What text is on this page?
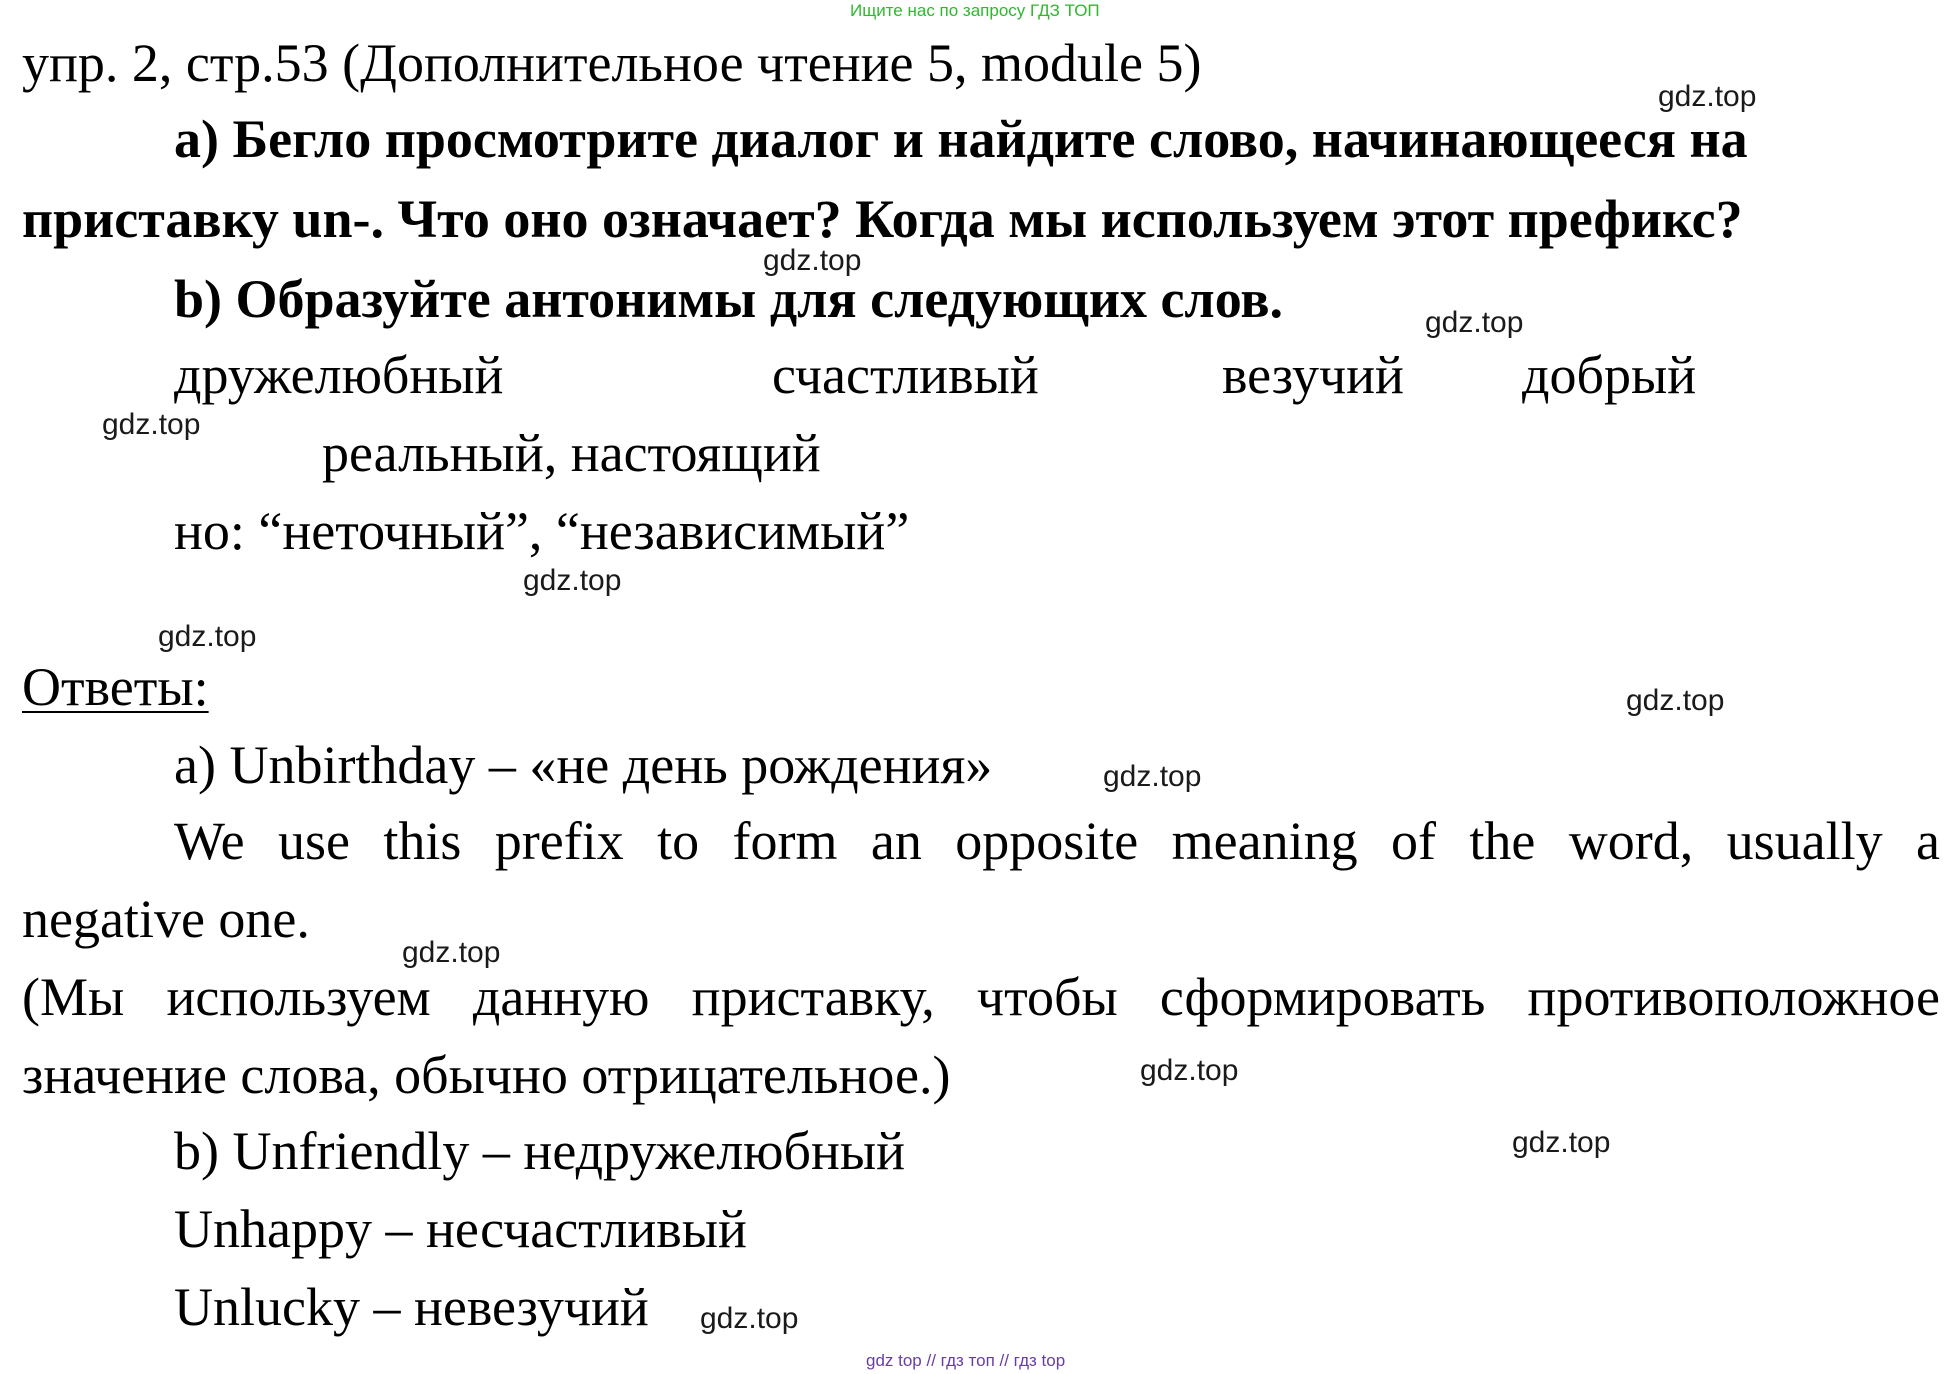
Ищите нас по запросу ГДЗ ТОП
упр. 2, стр.53 (Дополнительное чтение 5, module 5)
a) Бегло просмотрите диалог и найдите слово, начинающееся на
приставку un-. Что оно означает? Когда мы используем этот префикс?
b) Образуйте антонимы для следующих слов.
дружелюбный	счастливый	везучий добрый
реальный, настоящий
но: “неточный”, “независимый”
Ответы:
a) Unbirthday – «не день рождения»
We use this prefix to form an opposite meaning of the word, usually a
negative one.
(Мы используем данную приставку, чтобы сформировать противоположное
значение слова, обычно отрицательное.)
b) Unfriendly – недружелюбный
Unhappy – несчастливый
Unlucky – невезучий
gdz.top
gdz.top
gdz.top
gdz.top
gdz.top
gdz.top
gdz.top
gdz.top
gdz.top
gdz.top
gdz.top
gdz.top
gdz top // гдз топ // гдз top
